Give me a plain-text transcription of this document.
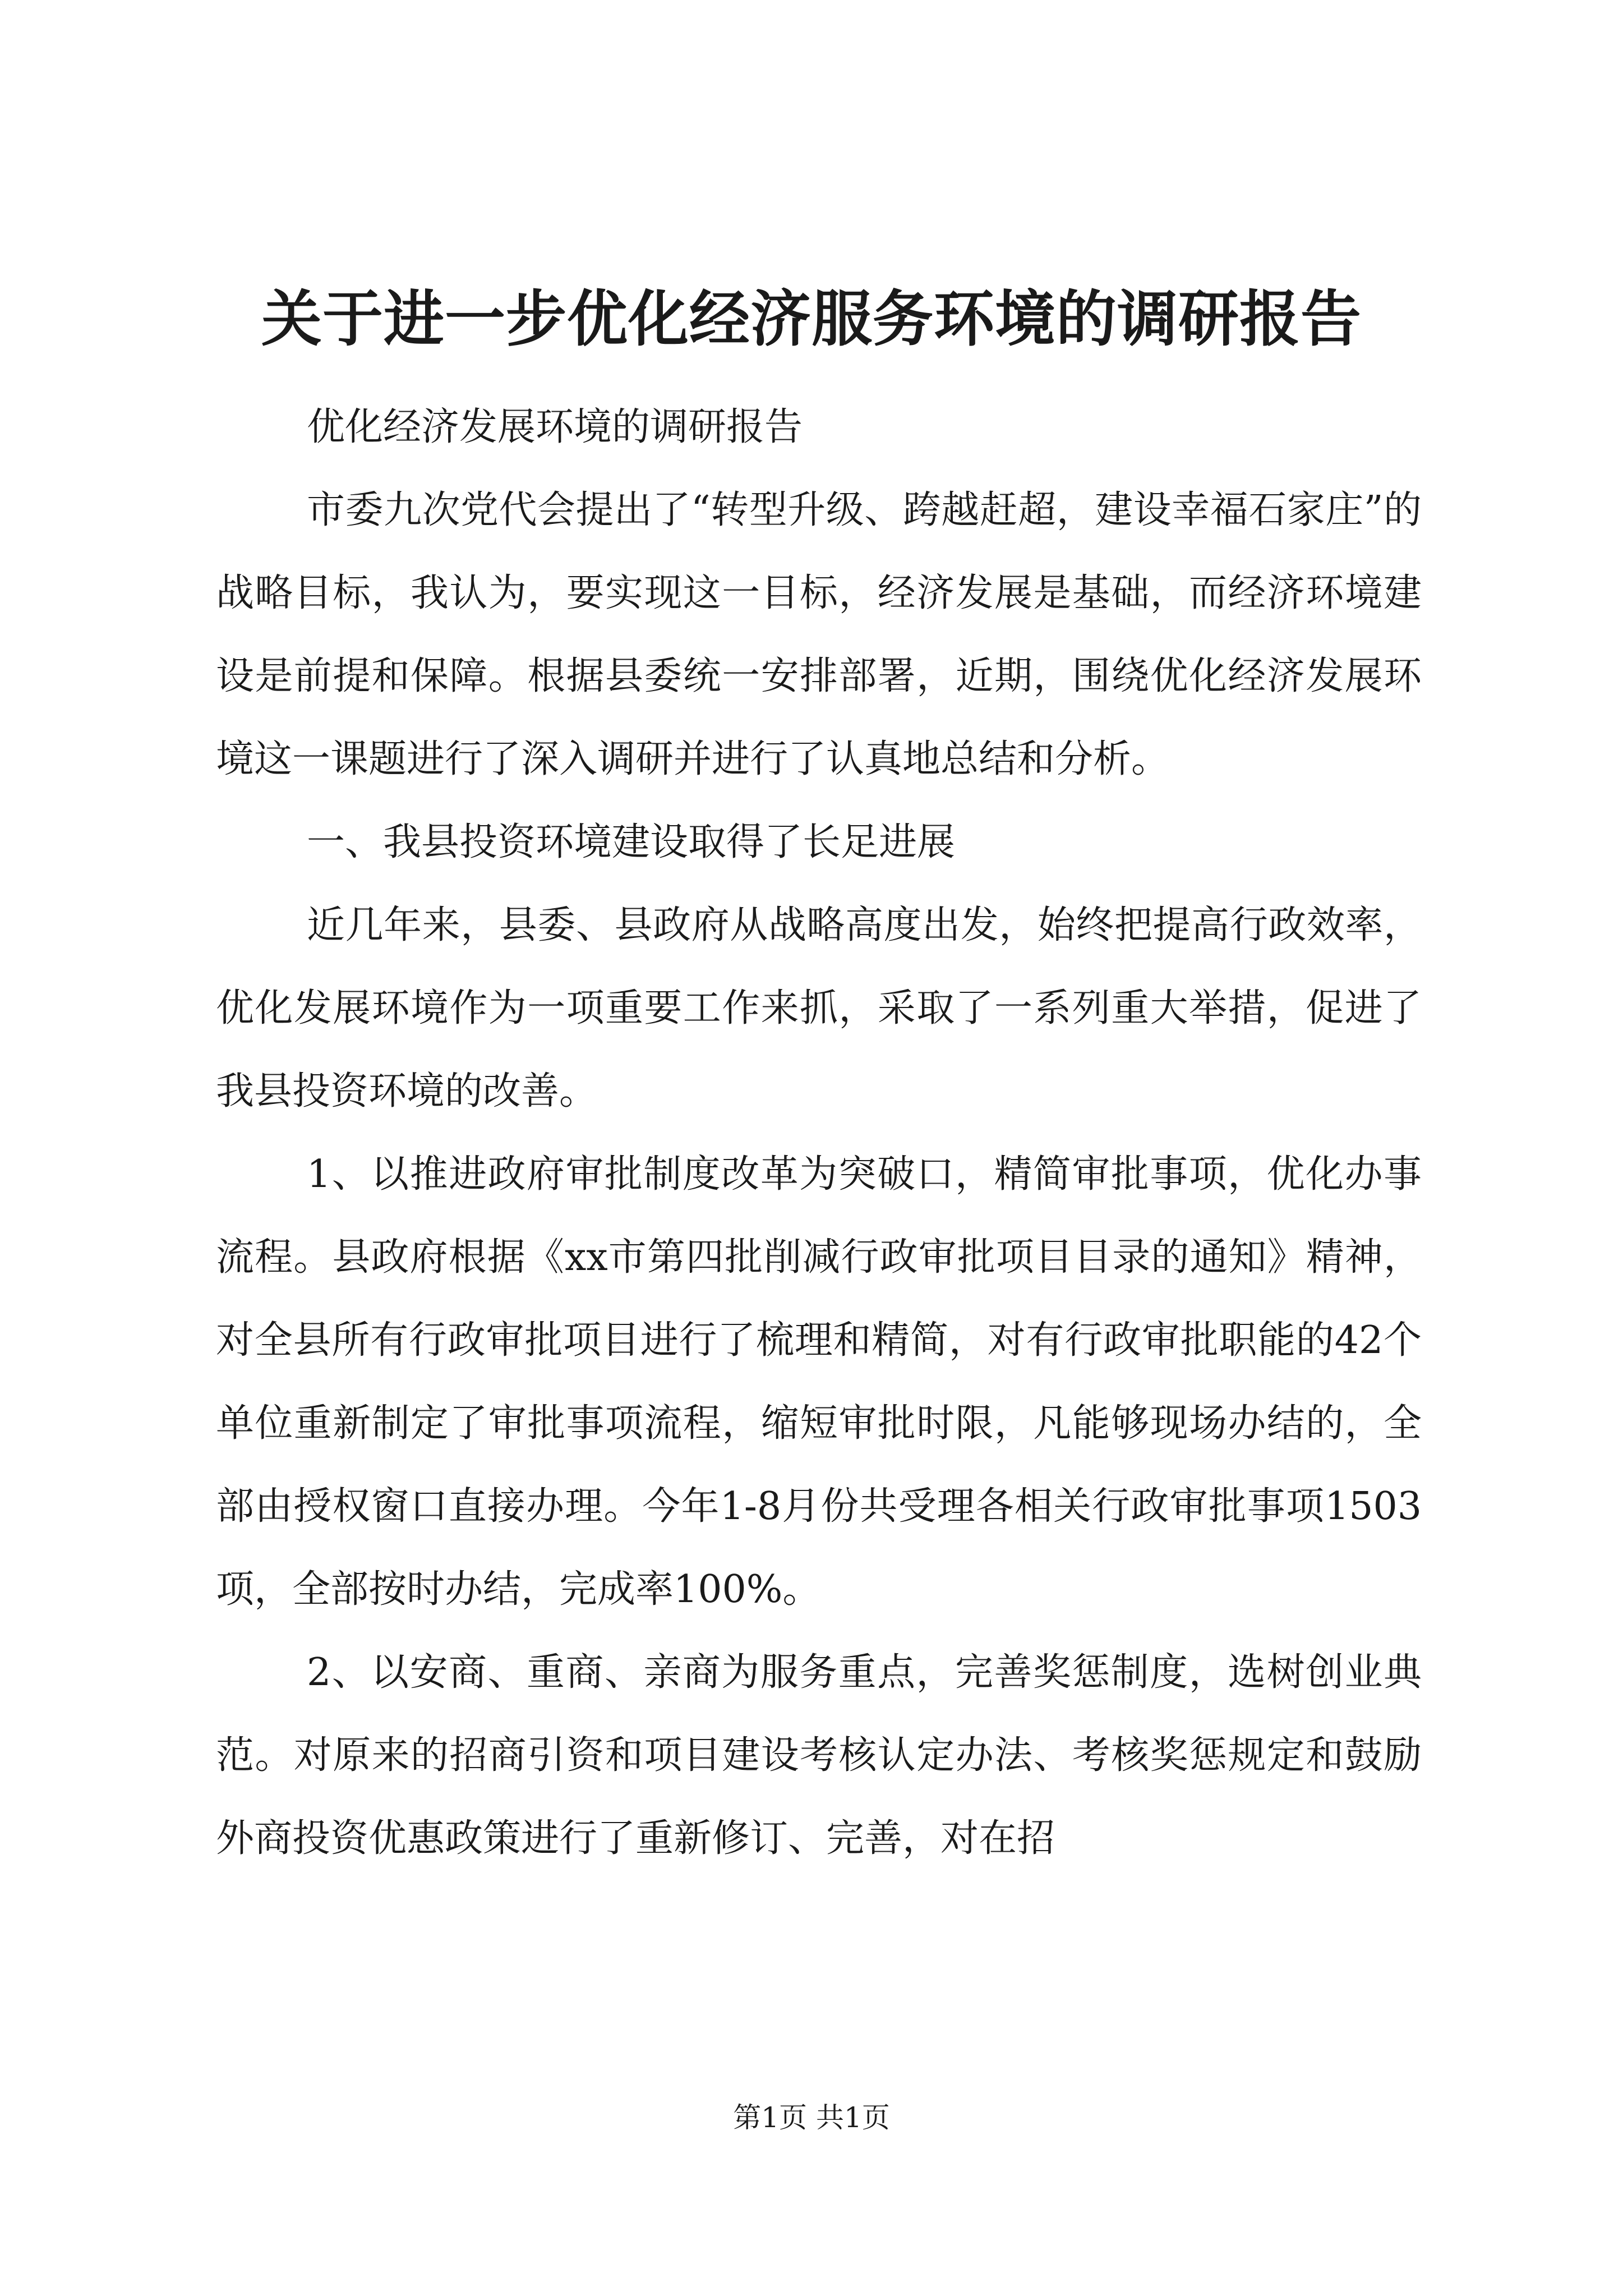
关于进一步优化经济服务环境的调研报告

优化经济发展环境的调研报告

市委九次党代会提出了“转型升级、跨越赶超，建设幸福石家庄”的战略目标，我认为，要实现这一目标，经济发展是基础，而经济环境建设是前提和保障。根据县委统一安排部署，近期，围绕优化经济发展环境这一课题进行了深入调研并进行了认真地总结和分析。

一、我县投资环境建设取得了长足进展

近几年来，县委、县政府从战略高度出发，始终把提高行政效率，优化发展环境作为一项重要工作来抓，采取了一系列重大举措，促进了我县投资环境的改善。

1、以推进政府审批制度改革为突破口，精简审批事项，优化办事流程。县政府根据《xx市第四批削减行政审批项目目录的通知》精神，对全县所有行政审批项目进行了梳理和精简，对有行政审批职能的42个单位重新制定了审批事项流程，缩短审批时限，凡能够现场办结的，全部由授权窗口直接办理。今年1-8月份共受理各相关行政审批事项1503项，全部按时办结，完成率100%。

2、以安商、重商、亲商为服务重点，完善奖惩制度，选树创业典范。对原来的招商引资和项目建设考核认定办法、考核奖惩规定和鼓励外商投资优惠政策进行了重新修订、完善，对在招

第1页 共1页
